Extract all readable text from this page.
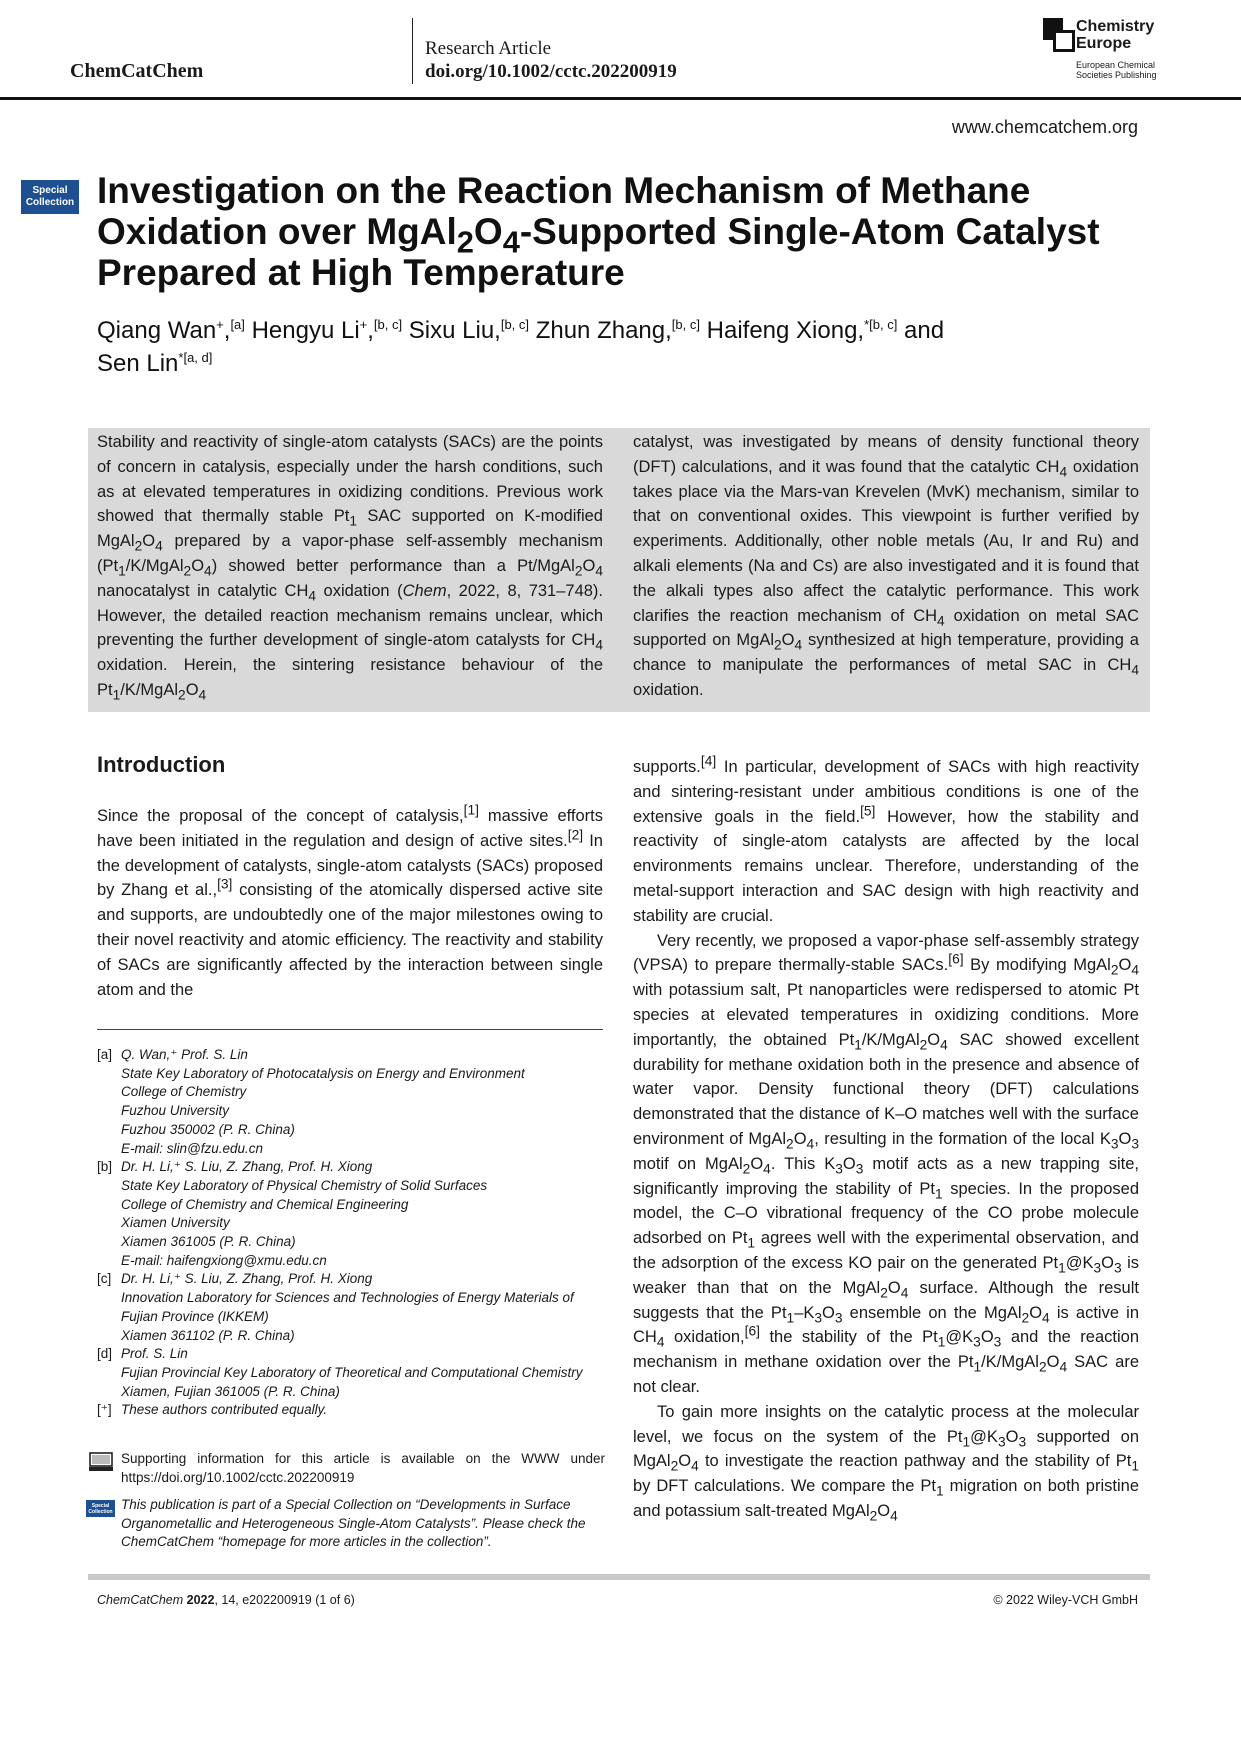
ChemCatChem
Research Article
doi.org/10.1002/cctc.202200919
Chemistry
Europe
European Chemical
Societies Publishing
www.chemcatchem.org
Special
Collection Investigation on the Reaction Mechanism of Methane
Oxidation over $MgAl_2O_4$-Supported Single-Atom Catalyst
Prepared at High Temperature
Qiang Wan+,[a] Hengyu Li+,[b, c] Sixu Liu,[b, c] Zhun Zhang,[b, c] Haifeng Xiong,$^{*[b, c]}$ and
Sen Lin$^{*[a, d]}$
Stability and reactivity of single-atom catalysts (SACs) are the points of concern in catalysis, especially under the harsh conditions, such as at elevated temperatures in oxidizing conditions. Previous work showed that thermally stable $Pt_1$ SAC supported on K-modified $MgAl_2O_4$ prepared by a vapor-phase self-assembly mechanism $(Pt_1/K/MgAl_2O_4)$ showed better performance than a $Pt/MgAl_2O_4$ nanocatalyst in catalytic $CH_4$ oxidation (Chem, 2022, 8, 731–748). However, the detailed reaction mechanism remains unclear, which preventing the further development of single-atom catalysts for $CH_4$ oxidation. Herein, the sintering resistance behaviour of the $Pt_1/K/MgAl_2O_4$
catalyst, was investigated by means of density functional theory (DFT) calculations, and it was found that the catalytic $CH_4$ oxidation takes place via the Mars-van Krevelen (MvK) mechanism, similar to that on conventional oxides. This viewpoint is further verified by experiments. Additionally, other noble metals (Au, Ir and Ru) and alkali elements (Na and Cs) are also investigated and it is found that the alkali types also affect the catalytic performance. This work clarifies the reaction mechanism of $CH_4$ oxidation on metal SAC supported on $MgAl_2O_4$ synthesized at high temperature, providing a chance to manipulate the performances of metal SAC in $CH_4$ oxidation.
Introduction
Since the proposal of the concept of catalysis,[1] massive efforts have been initiated in the regulation and design of active sites.[2] In the development of catalysts, single-atom catalysts (SACs) proposed by Zhang et al.,[3] consisting of the atomically dispersed active site and supports, are undoubtedly one of the major milestones owing to their novel reactivity and atomic efficiency. The reactivity and stability of SACs are significantly affected by the interaction between single atom and the

supports.[4] In particular, development of SACs with high reactivity and sintering-resistant under ambitious conditions is one of the extensive goals in the field.[5] However, how the stability and reactivity of single-atom catalysts are affected by the local environments remains unclear. Therefore, understanding of the metal-support interaction and SAC design with high reactivity and stability are crucial.

Very recently, we proposed a vapor-phase self-assembly strategy (VPSA) to prepare thermally-stable SACs.[6] By modifying $MgAl_2O_4$ with potassium salt, Pt nanoparticles were redispersed to atomic Pt species at elevated temperatures in oxidizing conditions. More importantly, the obtained $Pt_1/K/MgAl_2O_4$ SAC showed excellent durability for methane oxidation both in the presence and absence of water vapor. Density functional theory (DFT) calculations demonstrated that the distance of K–O matches well with the surface environment of $MgAl_2O_4$, resulting in the formation of the local $K_3O_3$ motif on $MgAl_2O_4$. This $K_3O_3$ motif acts as a new trapping site, significantly improving the stability of $Pt_1$ species. In the proposed model, the C–O vibrational frequency of the CO probe molecule adsorbed on $Pt_1$ agrees well with the experimental observation, and the adsorption of the excess KO pair on the generated $Pt_1@K_3O_3$ is weaker than that on the $MgAl_2O_4$ surface. Although the result suggests that the $Pt_1-K_3O_3$ ensemble on the $MgAl_2O_4$ is active in $CH_4$ oxidation,[6] the stability of the $Pt_1@K_3O_3$ and the reaction mechanism in methane oxidation over the $Pt_1/K/MgAl_2O_4$ SAC are not clear.

To gain more insights on the catalytic process at the molecular level, we focus on the system of the $Pt_1@K_3O_3$ supported on $MgAl_2O_4$ to investigate the reaction pathway and the stability of $Pt_1$ by DFT calculations. We compare the $Pt_1$ migration on both pristine and potassium salt-treated $MgAl_2O_4$

[a] Q. Wan,⁺ Prof. S. Lin
State Key Laboratory of Photocatalysis on Energy and Environment
College of Chemistry
Fuzhou University
Fuzhou 350002 (P. R. China)
E-mail: slin@fzu.edu.cn
[b] Dr. H. Li,⁺ S. Liu, Z. Zhang, Prof. H. Xiong
State Key Laboratory of Physical Chemistry of Solid Surfaces
College of Chemistry and Chemical Engineering
Xiamen University
Xiamen 361005 (P. R. China)
E-mail: haifengxiong@xmu.edu.cn
[c] Dr. H. Li,⁺ S. Liu, Z. Zhang, Prof. H. Xiong
Innovation Laboratory for Sciences and Technologies of Energy Materials of Fujian Province (IKKEM)
Xiamen 361102 (P. R. China)
[d] Prof. S. Lin
Fujian Provincial Key Laboratory of Theoretical and Computational Chemistry
Xiamen, Fujian 361005 (P. R. China)
[⁺] These authors contributed equally.
Supporting information for this article is available on the WWW under https://doi.org/10.1002/cctc.202200919
Special
Collection This publication is part of a Special Collection on “Developments in Surface Organometallic and Heterogeneous Single-Atom Catalysts”. Please check the ChemCatChem “homepage for more articles in the collection”.
ChemCatChem 2022, 14, e202200919 (1 of 6)	© 2022 Wiley-VCH GmbH
